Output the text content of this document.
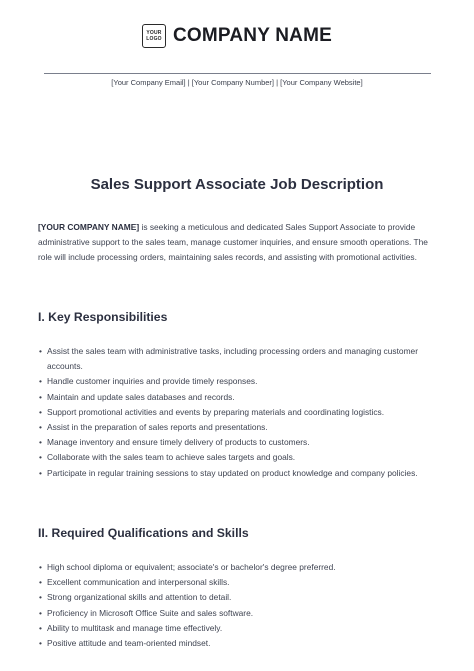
YOUR
LOGO COMPANY NAME
[Your Company Email] | [Your Company Number] | [Your Company Website]
Sales Support Associate Job Description
[YOUR COMPANY NAME] is seeking a meticulous and dedicated Sales Support Associate to provide administrative support to the sales team, manage customer inquiries, and ensure smooth operations. The role will include processing orders, maintaining sales records, and assisting with promotional activities.
I. Key Responsibilities
• Assist the sales team with administrative tasks, including processing orders and managing customer accounts.
• Handle customer inquiries and provide timely responses.
• Maintain and update sales databases and records.
• Support promotional activities and events by preparing materials and coordinating logistics.
• Assist in the preparation of sales reports and presentations.
• Manage inventory and ensure timely delivery of products to customers.
• Collaborate with the sales team to achieve sales targets and goals.
• Participate in regular training sessions to stay updated on product knowledge and company policies.
II. Required Qualifications and Skills
• High school diploma or equivalent; associate's or bachelor's degree preferred.
• Excellent communication and interpersonal skills.
• Strong organizational skills and attention to detail.
• Proficiency in Microsoft Office Suite and sales software.
• Ability to multitask and manage time effectively.
• Positive attitude and team-oriented mindset.
